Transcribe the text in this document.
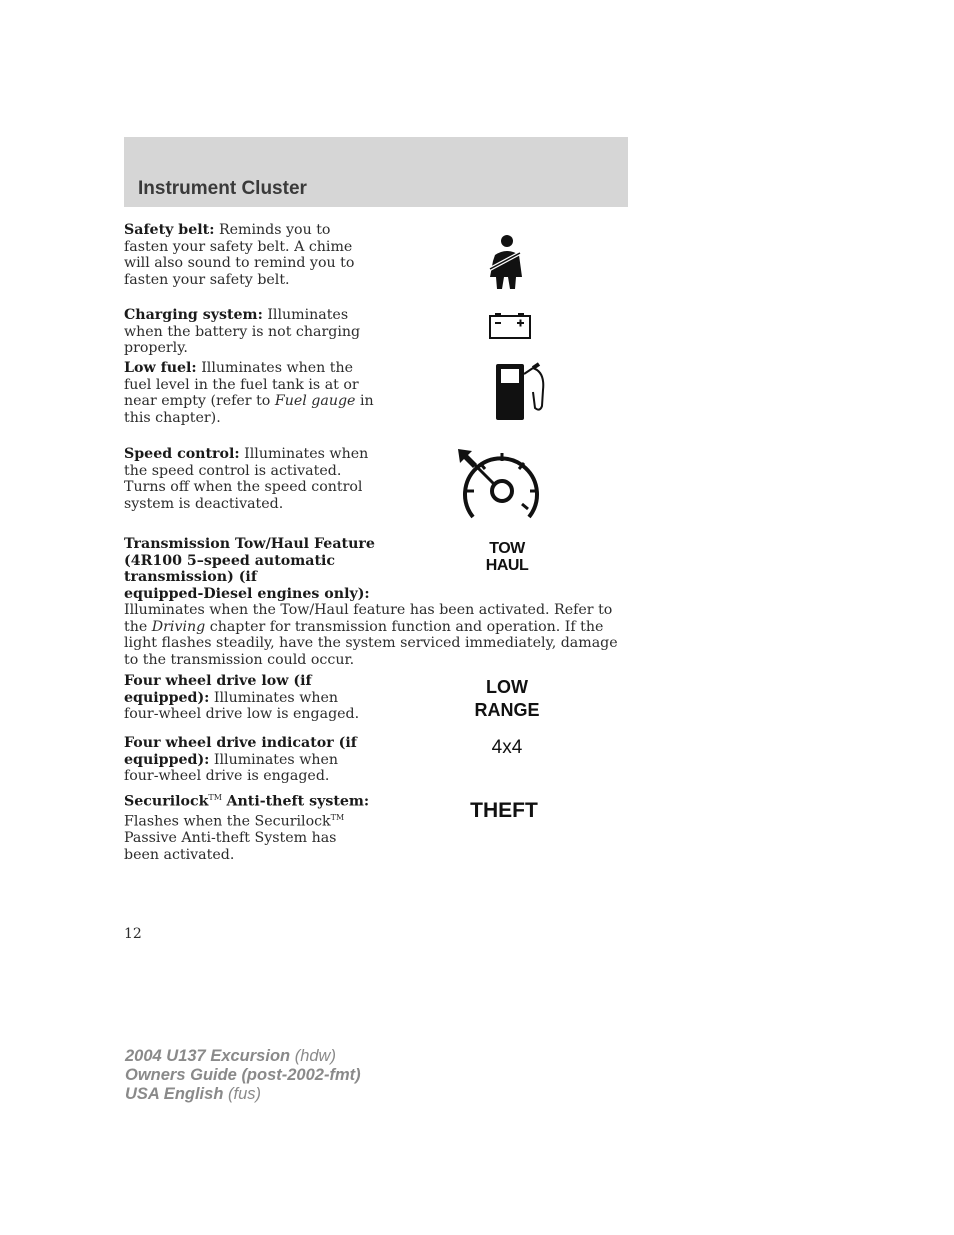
Instrument Cluster
Safety belt: Reminds you to fasten your safety belt. A chime will also sound to remind you to fasten your safety belt.
Charging system: Illuminates when the battery is not charging properly.
Low fuel: Illuminates when the fuel level in the fuel tank is at or near empty (refer to Fuel gauge in this chapter).
Speed control: Illuminates when the speed control is activated. Turns off when the speed control system is deactivated.
Transmission Tow/Haul Feature
(4R100 5–speed automatic
transmission) (if
equipped-Diesel engines only):
Illuminates when the Tow/Haul feature has been activated. Refer to the Driving chapter for transmission function and operation. If the light flashes steadily, have the system serviced immediately, damage to the transmission could occur.
TOW
HAUL
Four wheel drive low (if equipped): Illuminates when four-wheel drive low is engaged.
LOW
RANGE
Four wheel drive indicator (if equipped): Illuminates when four-wheel drive is engaged.
4x4
Securilock™ Anti-theft system:
Flashes when the Securilock™ Passive Anti-theft System has been activated.
THEFT
12
2004 U137 Excursion (hdw)
Owners Guide (post-2002-fmt)
USA English (fus)
